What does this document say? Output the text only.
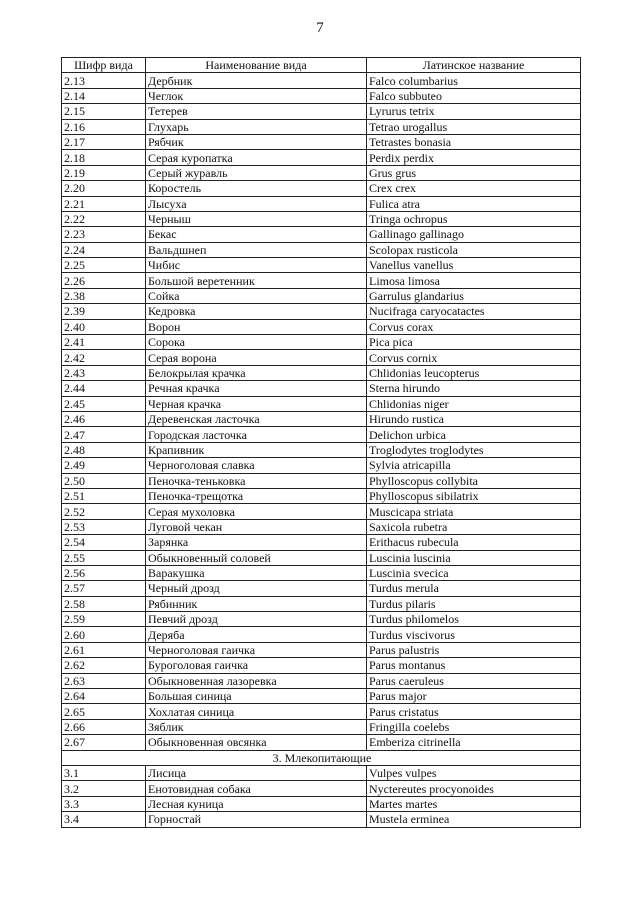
7
Шифр вида	Наименование вида	Латинское название
2.13	Дербник	Falco columbarius
2.14	Чеглок	Falco subbuteo
2.15	Тетерев	Lyrurus tetrix
2.16	Глухарь	Tetrao urogallus
2.17	Рябчик	Tetrastes bonasia
2.18	Серая куропатка	Perdix perdix
2.19	Серый журавль	Grus grus
2.20	Коростель	Crex crex
2.21	Лысуха	Fulica atra
2.22	Черныш	Tringa ochropus
2.23	Бекас	Gallinago gallinago
2.24	Вальдшнеп	Scolopax rusticola
2.25	Чибис	Vanellus vanellus
2.26	Большой веретенник	Limosa limosa
2.38	Сойка	Garrulus glandarius
2.39	Кедровка	Nucifraga caryocatactes
2.40	Ворон	Corvus corax
2.41	Сорока	Pica pica
2.42	Серая ворона	Corvus cornix
2.43	Белокрылая крачка	Chlidonias leucopterus
2.44	Речная крачка	Sterna hirundo
2.45	Черная крачка	Chlidonias niger
2.46	Деревенская ласточка	Hirundo rustica
2.47	Городская ласточка	Delichon urbica
2.48	Крапивник	Troglodytes troglodytes
2.49	Черноголовая славка	Sylvia atricapilla
2.50	Пеночка-теньковка	Phylloscopus collybita
2.51	Пеночка-трещотка	Phylloscopus sibilatrix
2.52	Серая мухоловка	Muscicapa striata
2.53	Луговой чекан	Saxicola rubetra
2.54	Зарянка	Erithacus rubecula
2.55	Обыкновенный соловей	Luscinia luscinia
2.56	Варакушка	Luscinia svecica
2.57	Черный дрозд	Turdus merula
2.58	Рябинник	Turdus pilaris
2.59	Певчий дрозд	Turdus philomelos
2.60	Деряба	Turdus viscivorus
2.61	Черноголовая гаичка	Parus palustris
2.62	Буроголовая гаичка	Parus montanus
2.63	Обыкновенная лазоревка	Parus caeruleus
2.64	Большая синица	Parus major
2.65	Хохлатая синица	Parus cristatus
2.66	Зяблик	Fringilla coelebs
2.67	Обыкновенная овсянка	Emberiza citrinella
3. Млекопитающие		
3.1	Лисица	Vulpes vulpes
3.2	Енотовидная собака	Nyctereutes procyonoides
3.3	Лесная куница	Martes martes
3.4	Горностай	Mustela erminea
